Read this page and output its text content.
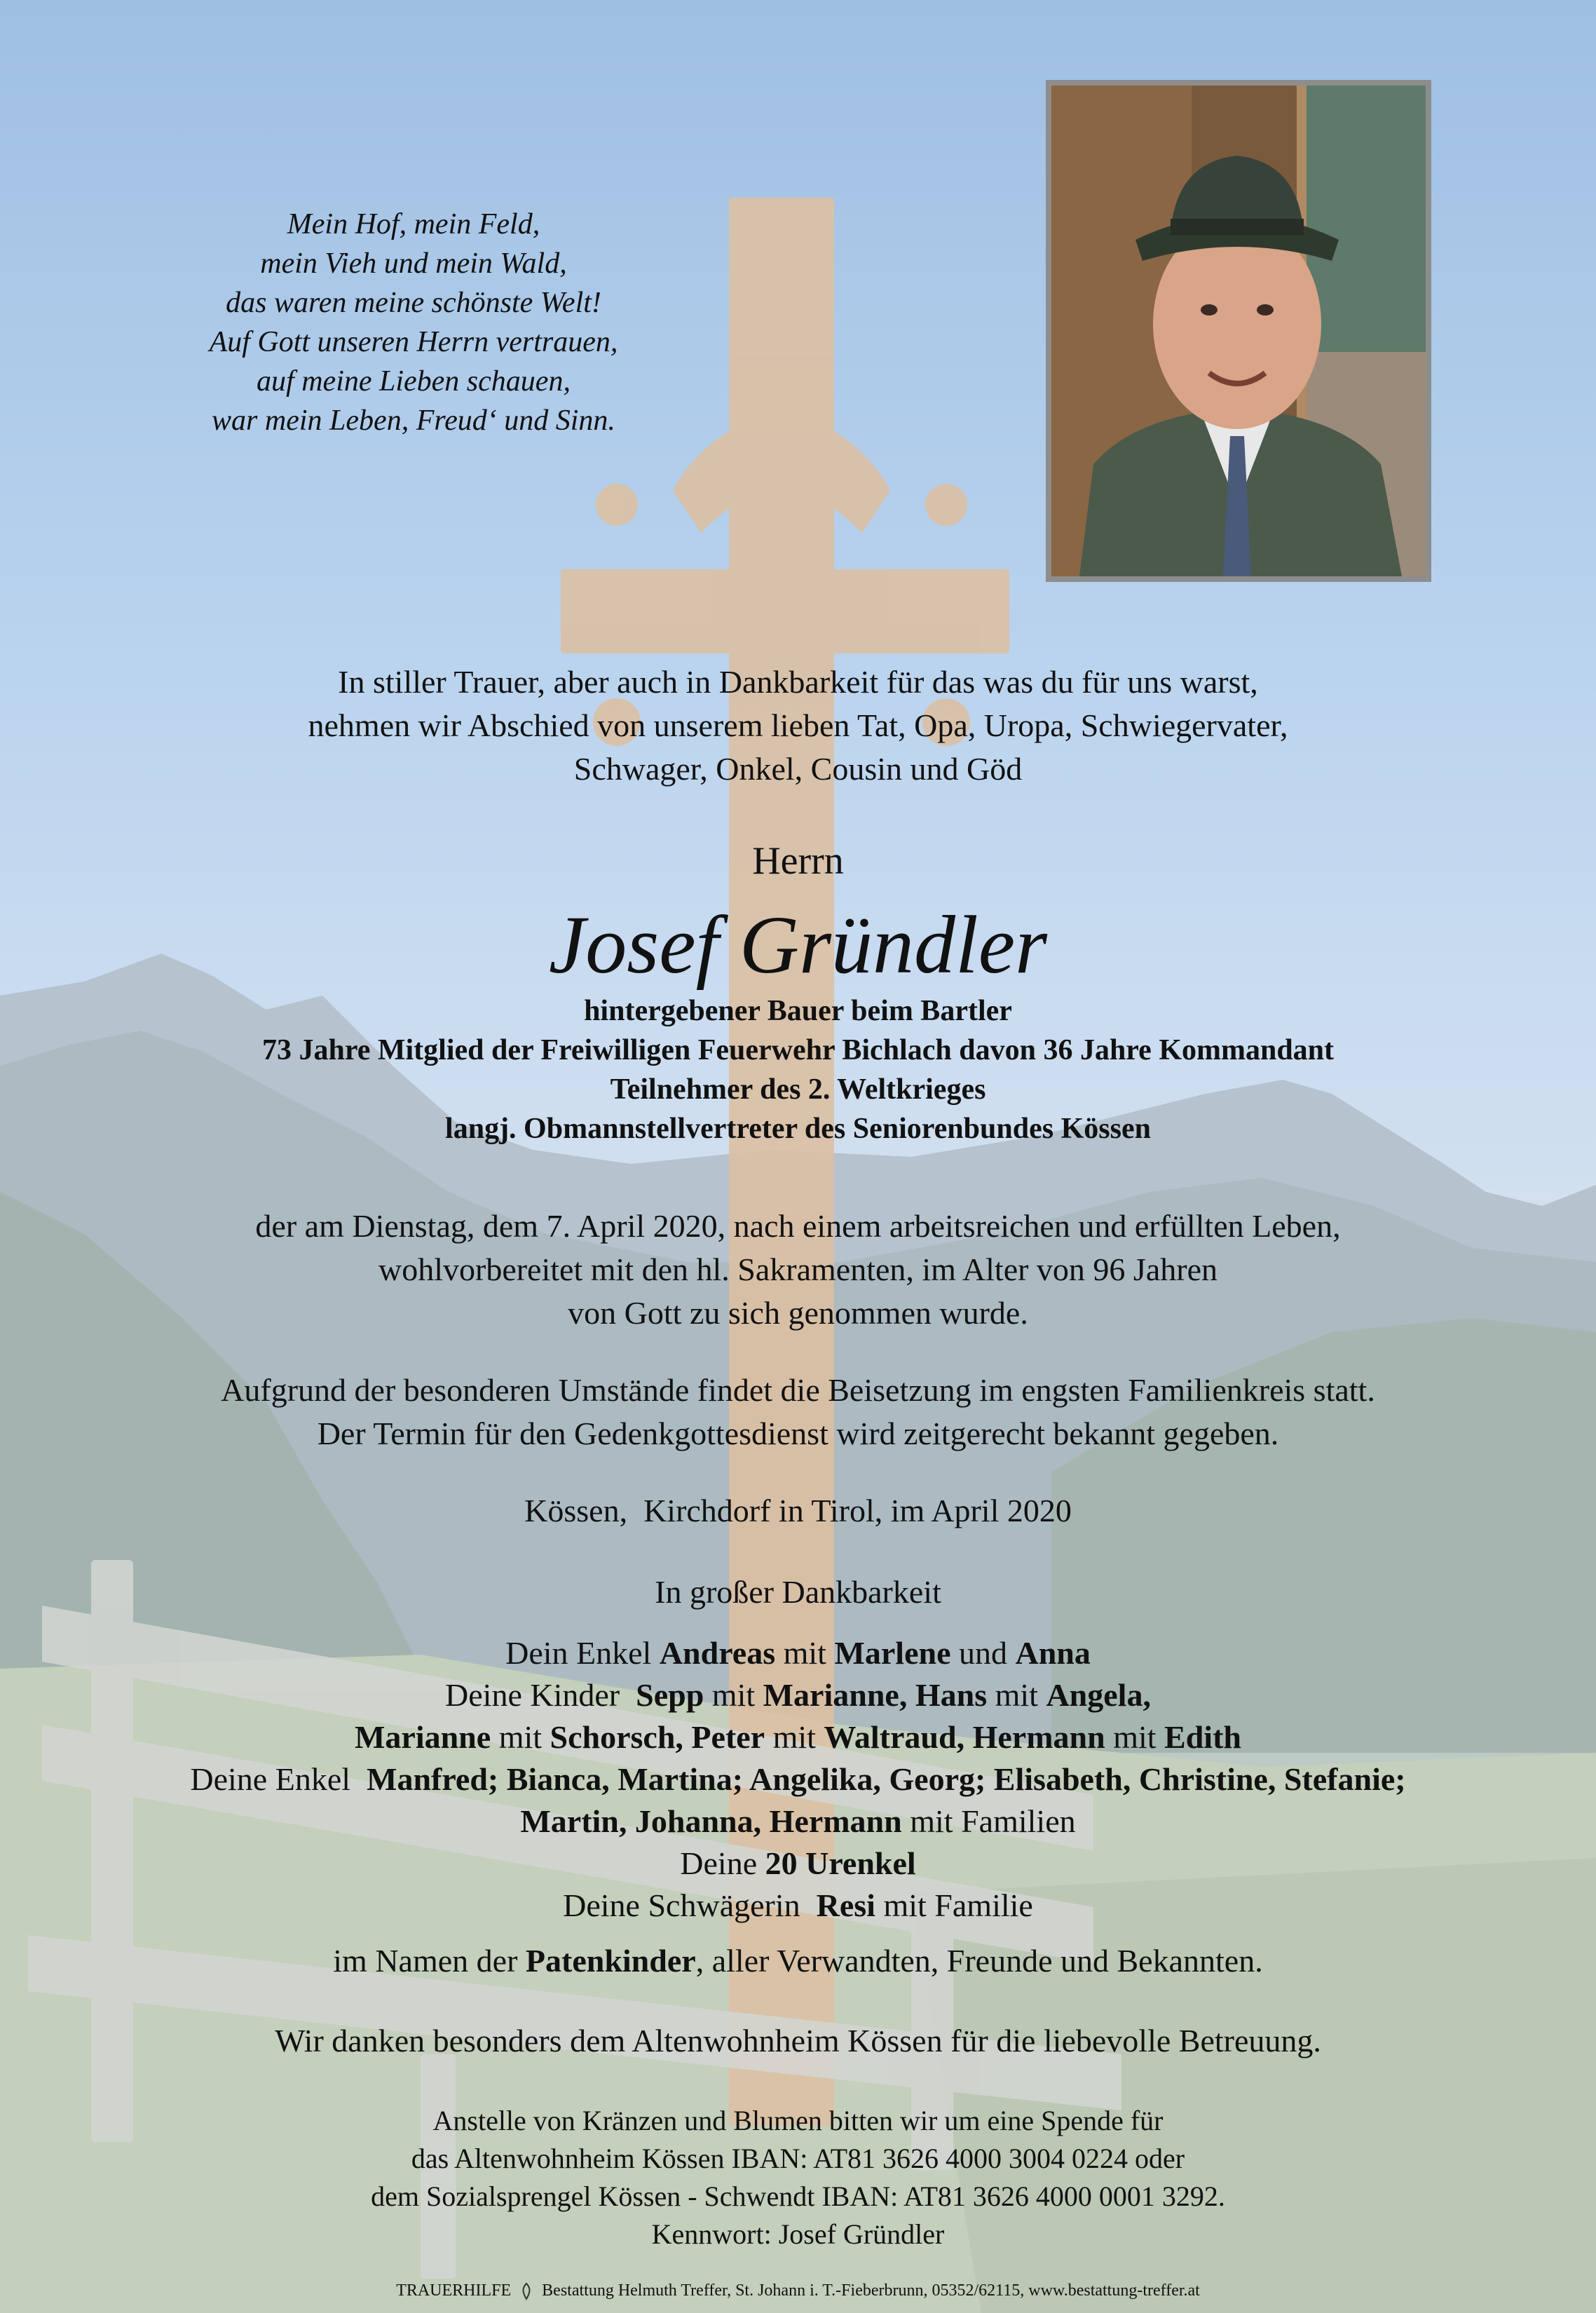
Mein Hof, mein Feld,
mein Vieh und mein Wald,
das waren meine schönste Welt!
Auf Gott unseren Herrn vertrauen,
auf meine Lieben schauen,
war mein Leben, Freud‘ und Sinn.
In stiller Trauer, aber auch in Dankbarkeit für das was du für uns warst,
nehmen wir Abschied von unserem lieben Tat, Opa, Uropa, Schwiegervater,
Schwager, Onkel, Cousin und Göd
Herrn
Josef Gründler
hintergebener Bauer beim Bartler
73 Jahre Mitglied der Freiwilligen Feuerwehr Bichlach davon 36 Jahre Kommandant
Teilnehmer des 2. Weltkrieges
langj. Obmannstellvertreter des Seniorenbundes Kössen
der am Dienstag, dem 7. April 2020, nach einem arbeitsreichen und erfüllten Leben,
wohlvorbereitet mit den hl. Sakramenten, im Alter von 96 Jahren
von Gott zu sich genommen wurde.
Aufgrund der besonderen Umstände findet die Beisetzung im engsten Familienkreis statt.
Der Termin für den Gedenkgottesdienst wird zeitgerecht bekannt gegeben.
Kössen,  Kirchdorf in Tirol, im April 2020
In großer Dankbarkeit
Dein Enkel Andreas mit Marlene und Anna
Deine Kinder  Sepp mit Marianne, Hans mit Angela,
Marianne mit Schorsch, Peter mit Waltraud, Hermann mit Edith
Deine Enkel  Manfred; Bianca, Martina; Angelika, Georg; Elisabeth, Christine, Stefanie;
Martin, Johanna, Hermann mit Familien
Deine 20 Urenkel
Deine Schwägerin  Resi mit Familie
im Namen der Patenkinder, aller Verwandten, Freunde und Bekannten.
Wir danken besonders dem Altenwohnheim Kössen für die liebevolle Betreuung.
Anstelle von Kränzen und Blumen bitten wir um eine Spende für
das Altenwohnheim Kössen IBAN: AT81 3626 4000 3004 0224 oder
dem Sozialsprengel Kössen - Schwendt IBAN: AT81 3626 4000 0001 3292.
Kennwort: Josef Gründler
TRAUERHILFE Bestattung Helmuth Treffer, St. Johann i. T.-Fieberbrunn, 05352/62115, www.bestattung-treffer.at
